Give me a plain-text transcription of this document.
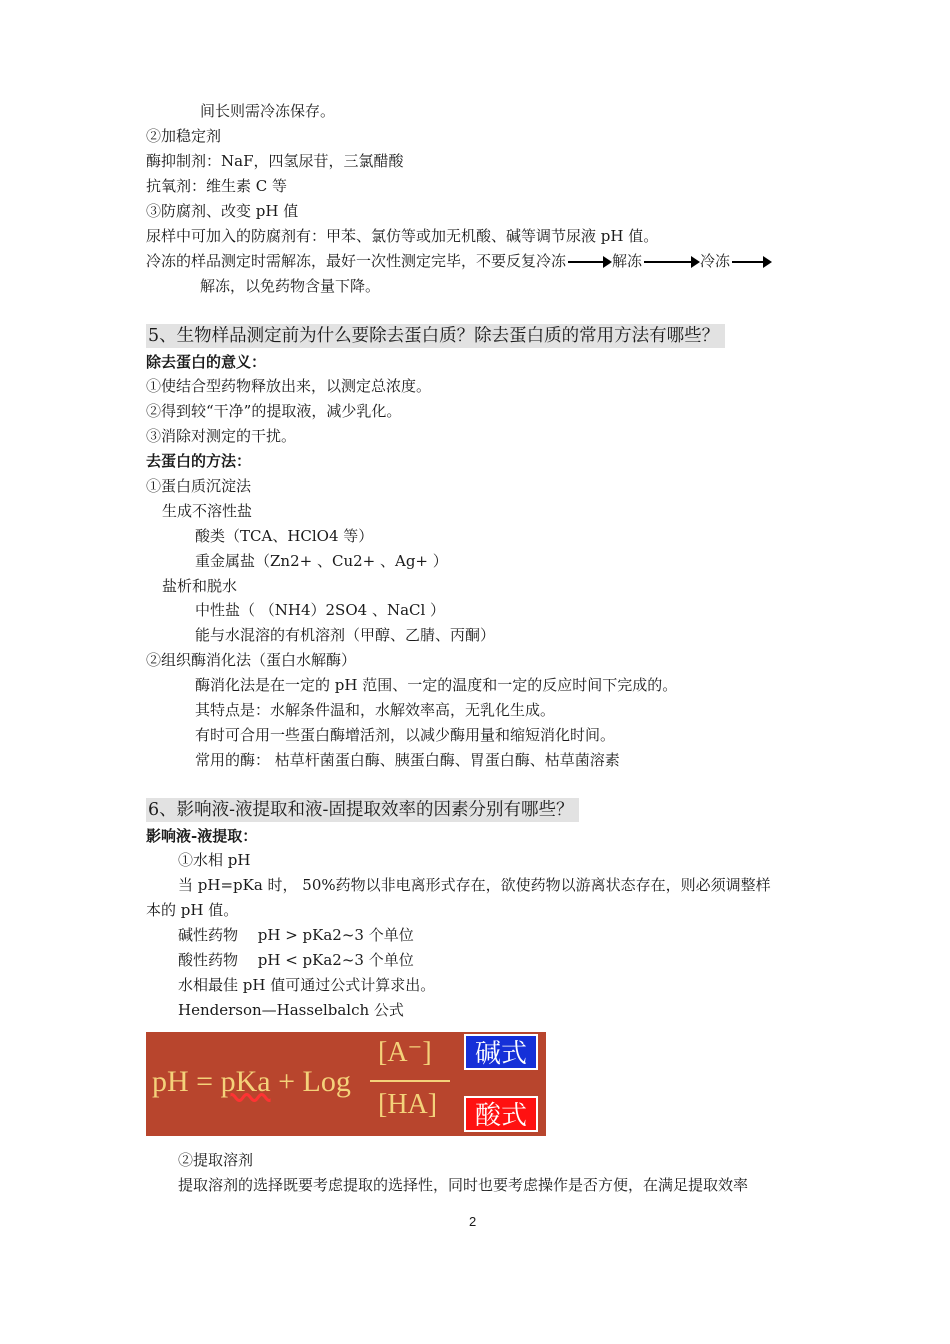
间长则需冷冻保存。
②加稳定剂
酶抑制剂：NaF，四氢尿苷，三氯醋酸
抗氧剂：维生素 C 等
③防腐剂、改变 pH 值
尿样中可加入的防腐剂有：甲苯、氯仿等或加无机酸、碱等调节尿液 pH 值。
冷冻的样品测定时需解冻，最好一次性测定完毕，不要反复冷冻	解冻	冷冻
解冻，以免药物含量下降。
5、生物样品测定前为什么要除去蛋白质？除去蛋白质的常用方法有哪些？
除去蛋白的意义：
①使结合型药物释放出来，以测定总浓度。
②得到较“干净”的提取液，减少乳化。
③消除对测定的干扰。
去蛋白的方法：
①蛋白质沉淀法
生成不溶性盐
酸类（TCA、HClO4 等）
重金属盐（Zn2+ 、Cu2+ 、Ag+ ）
盐析和脱水
中性盐（ （NH4）2SO4 、NaCl ）
能与水混溶的有机溶剂（甲醇、乙腈、丙酮）
②组织酶消化法（蛋白水解酶）
酶消化法是在一定的 pH 范围、一定的温度和一定的反应时间下完成的。
其特点是：水解条件温和，水解效率高，无乳化生成。
有时可合用一些蛋白酶增活剂，以减少酶用量和缩短消化时间。
常用的酶： 枯草杆菌蛋白酶、胰蛋白酶、胃蛋白酶、枯草菌溶素
6、影响液-液提取和液-固提取效率的因素分别有哪些？
影响液-液提取：
①水相 pH
当 pH=pKa 时， 50%药物以非电离形式存在，欲使药物以游离状态存在，则必须调整样
本的 pH 值。
碱性药物　 pH > pKa2~3 个单位
酸性药物　 pH < pKa2~3 个单位
水相最佳 pH 值可通过公式计算求出。
Henderson—Hasselbalch 公式
pH = pKa + Log
[A⁻]
[HA]
碱式
酸式
②提取溶剂
提取溶剂的选择既要考虑提取的选择性，同时也要考虑操作是否方便，在满足提取效率
2
